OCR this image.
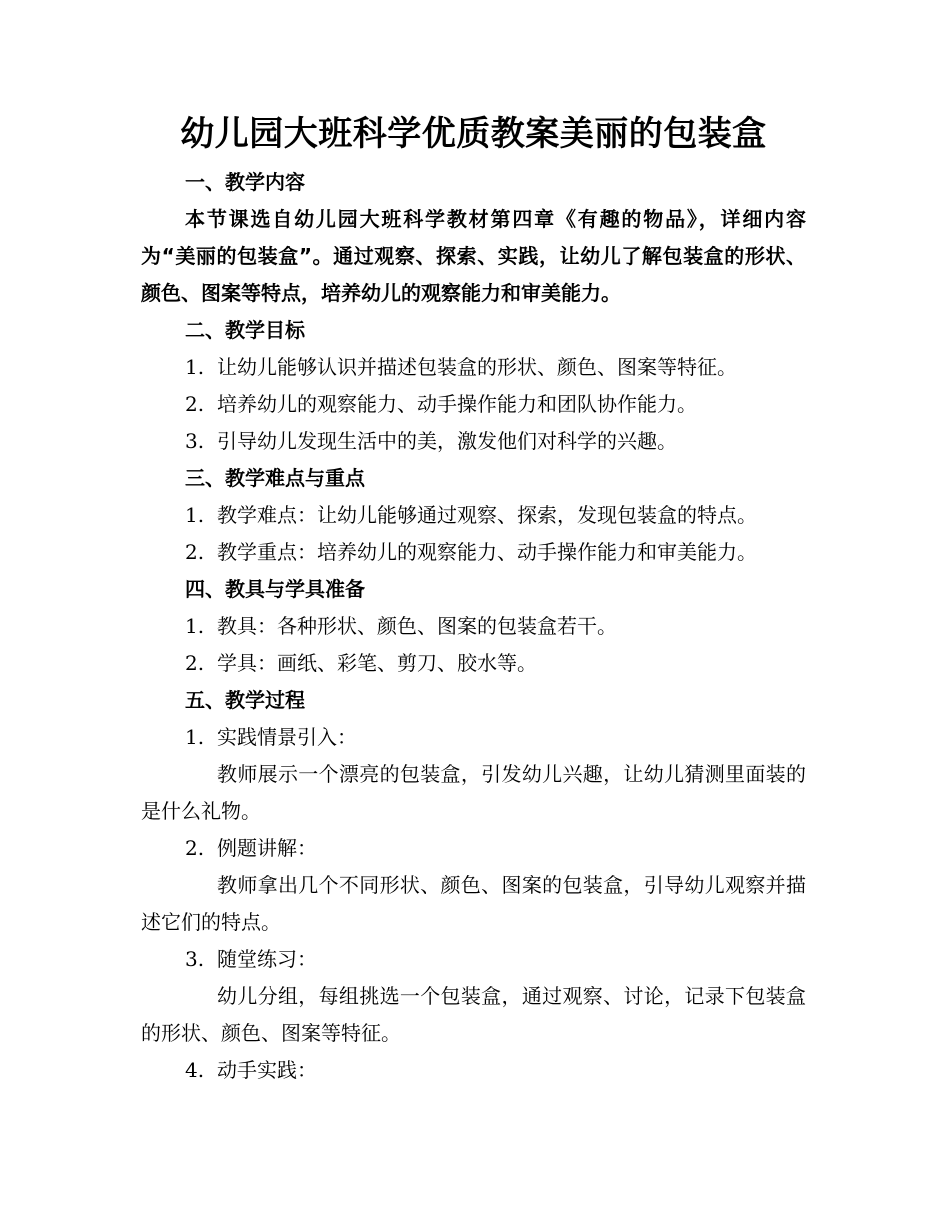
幼儿园大班科学优质教案美丽的包装盒

一、教学内容

本节课选自幼儿园大班科学教材第四章《有趣的物品》，详细内容为“美丽的包装盒”。通过观察、探索、实践，让幼儿了解包装盒的形状、颜色、图案等特点，培养幼儿的观察能力和审美能力。

二、教学目标

1. 让幼儿能够认识并描述包装盒的形状、颜色、图案等特征。

2. 培养幼儿的观察能力、动手操作能力和团队协作能力。

3. 引导幼儿发现生活中的美，激发他们对科学的兴趣。

三、教学难点与重点

1. 教学难点：让幼儿能够通过观察、探索，发现包装盒的特点。

2. 教学重点：培养幼儿的观察能力、动手操作能力和审美能力。

四、教具与学具准备

1. 教具：各种形状、颜色、图案的包装盒若干。

2. 学具：画纸、彩笔、剪刀、胶水等。

五、教学过程

1. 实践情景引入：

教师展示一个漂亮的包装盒，引发幼儿兴趣，让幼儿猜测里面装的是什么礼物。

2. 例题讲解：

教师拿出几个不同形状、颜色、图案的包装盒，引导幼儿观察并描述它们的特点。

3. 随堂练习：

幼儿分组，每组挑选一个包装盒，通过观察、讨论，记录下包装盒的形状、颜色、图案等特征。

4. 动手实践：
